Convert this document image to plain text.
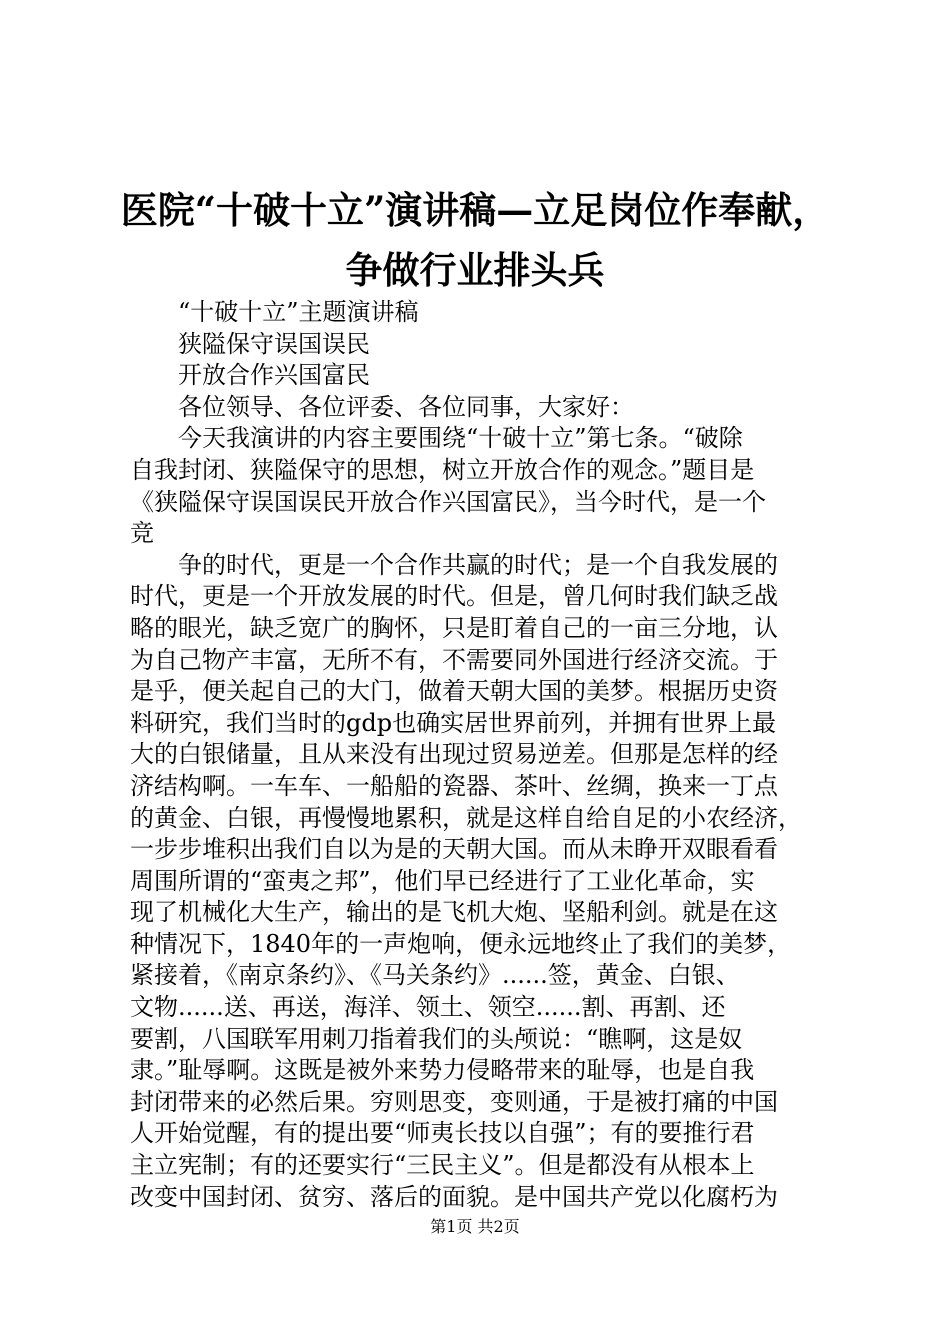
医院“十破十立”演讲稿—立足岗位作奉献，
争做行业排头兵
“十破十立”主题演讲稿
狭隘保守误国误民
开放合作兴国富民
各位领导、各位评委、各位同事，大家好：
今天我演讲的内容主要围绕“十破十立”第七条。“破除
自我封闭、狭隘保守的思想，树立开放合作的观念。”题目是
《狭隘保守误国误民开放合作兴国富民》，当今时代，是一个
竞
争的时代，更是一个合作共赢的时代；是一个自我发展的
时代，更是一个开放发展的时代。但是，曾几何时我们缺乏战
略的眼光，缺乏宽广的胸怀，只是盯着自己的一亩三分地，认
为自己物产丰富，无所不有，不需要同外国进行经济交流。于
是乎，便关起自己的大门，做着天朝大国的美梦。根据历史资
料研究，我们当时的gdp也确实居世界前列，并拥有世界上最
大的白银储量，且从来没有出现过贸易逆差。但那是怎样的经
济结构啊。一车车、一船船的瓷器、茶叶、丝绸，换来一丁点
的黄金、白银，再慢慢地累积，就是这样自给自足的小农经济，
一步步堆积出我们自以为是的天朝大国。而从未睁开双眼看看
周围所谓的“蛮夷之邦”，他们早已经进行了工业化革命，实
现了机械化大生产，输出的是飞机大炮、坚船利剑。就是在这
种情况下，1840年的一声炮响，便永远地终止了我们的美梦，
紧接着，《南京条约》、《马关条约》......签，黄金、白银、
文物......送、再送，海洋、领土、领空......割、再割、还
要割，八国联军用刺刀指着我们的头颅说：“瞧啊，这是奴
隶。”耻辱啊。这既是被外来势力侵略带来的耻辱，也是自我
封闭带来的必然后果。穷则思变，变则通，于是被打痛的中国
人开始觉醒，有的提出要“师夷长技以自强”；有的要推行君
主立宪制；有的还要实行“三民主义”。但是都没有从根本上
改变中国封闭、贫穷、落后的面貌。是中国共产党以化腐朽为
第1页 共2页
